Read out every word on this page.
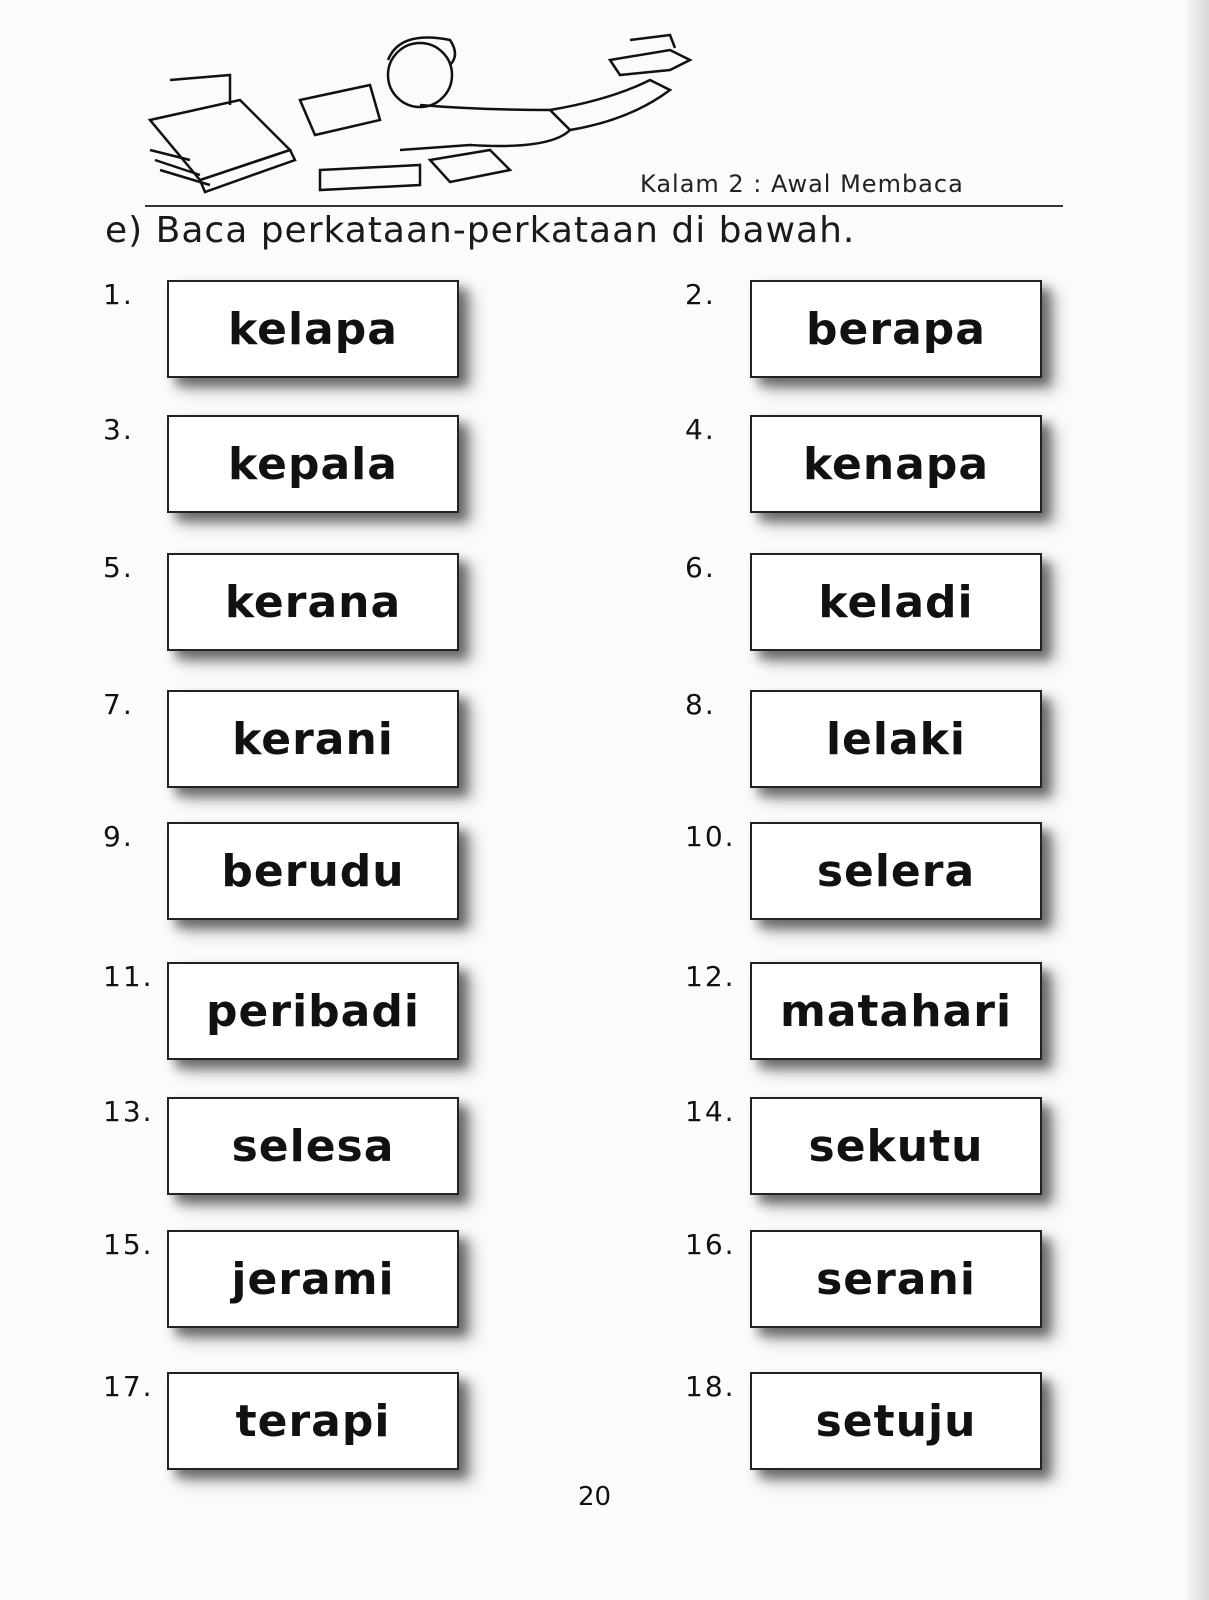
Kalam 2 : Awal Membaca
e) Baca perkataan-perkataan di bawah.
1.
kelapa
2.
berapa
3.
kepala
4.
kenapa
5.
kerana
6.
keladi
7.
kerani
8.
lelaki
9.
berudu
10.
selera
11.
peribadi
12.
matahari
13.
selesa
14.
sekutu
15.
jerami
16.
serani
17.
terapi
18.
setuju
20
